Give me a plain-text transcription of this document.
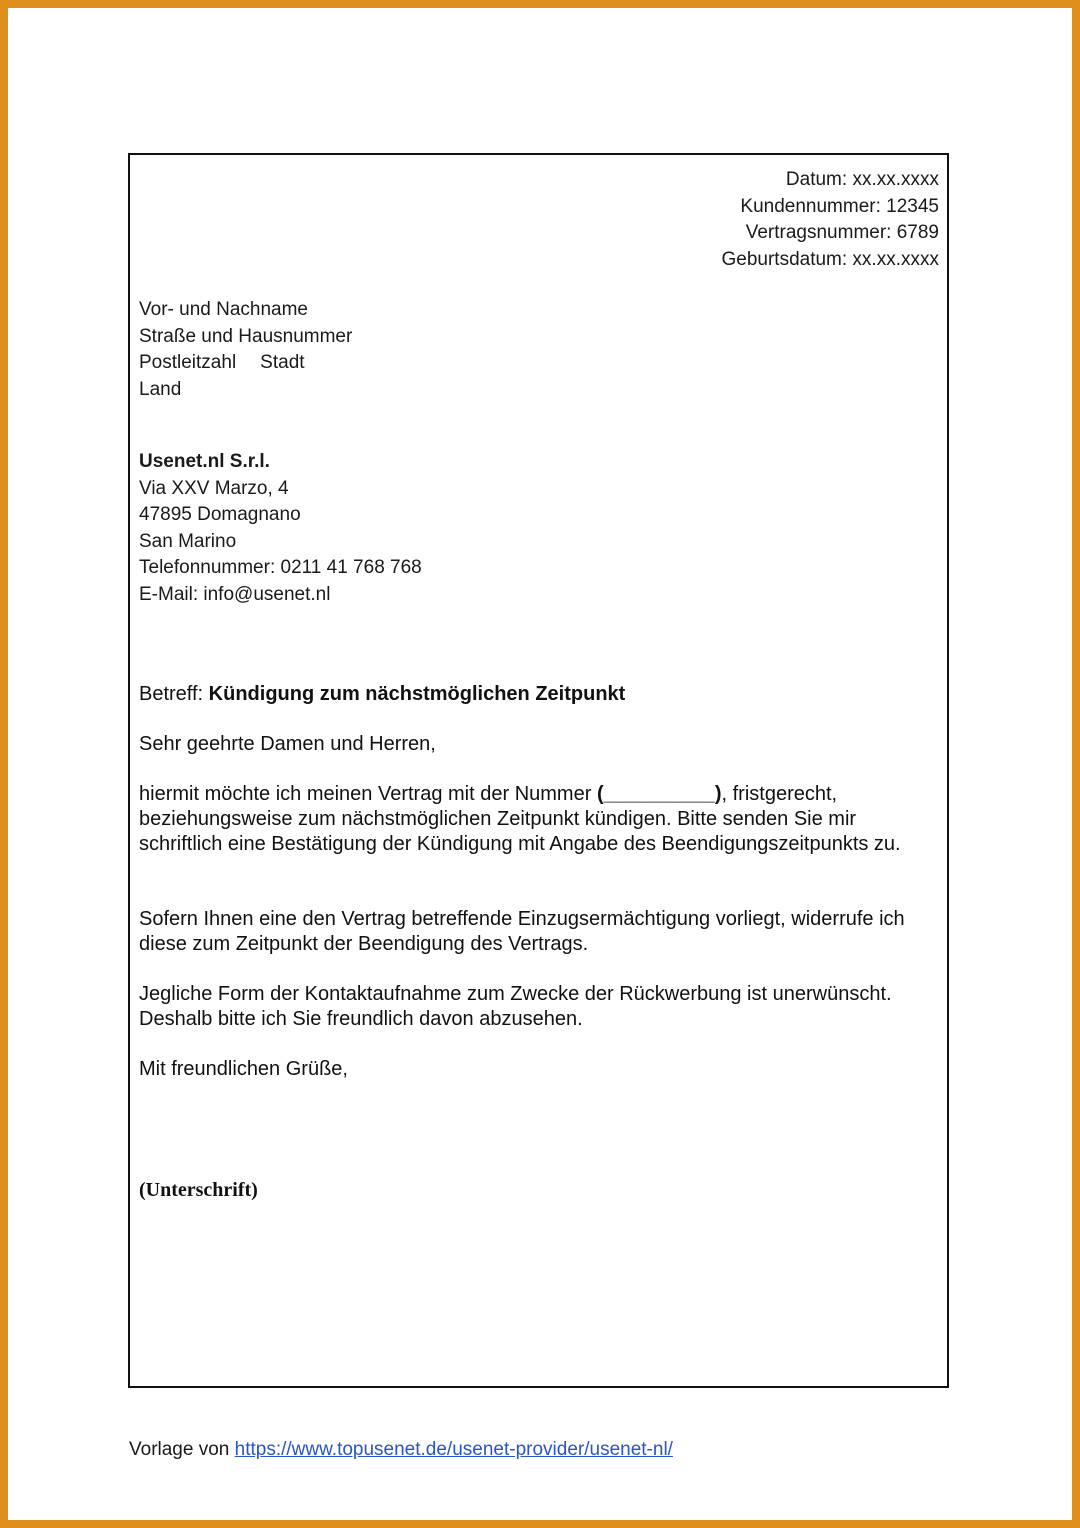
Datum: xx.xx.xxxx
Kundennummer: 12345
Vertragsnummer: 6789
Geburtsdatum: xx.xx.xxxx
Vor- und Nachname
Straße und Hausnummer
Postleitzahl Stadt
Land
Usenet.nl S.r.l.
Via XXV Marzo, 4
47895 Domagnano
San Marino
Telefonnummer: 0211 41 768 768
E-Mail: info@usenet.nl
Betreff: Kündigung zum nächstmöglichen Zeitpunkt
Sehr geehrte Damen und Herren,
hiermit möchte ich meinen Vertrag mit der Nummer (__________), fristgerecht, beziehungsweise zum nächstmöglichen Zeitpunkt kündigen. Bitte senden Sie mir schriftlich eine Bestätigung der Kündigung mit Angabe des Beendigungszeitpunkts zu.
Sofern Ihnen eine den Vertrag betreffende Einzugsermächtigung vorliegt, widerrufe ich diese zum Zeitpunkt der Beendigung des Vertrags.
Jegliche Form der Kontaktaufnahme zum Zwecke der Rückwerbung ist unerwünscht. Deshalb bitte ich Sie freundlich davon abzusehen.
Mit freundlichen Grüße,
(Unterschrift)
Vorlage von https://www.topusenet.de/usenet-provider/usenet-nl/
